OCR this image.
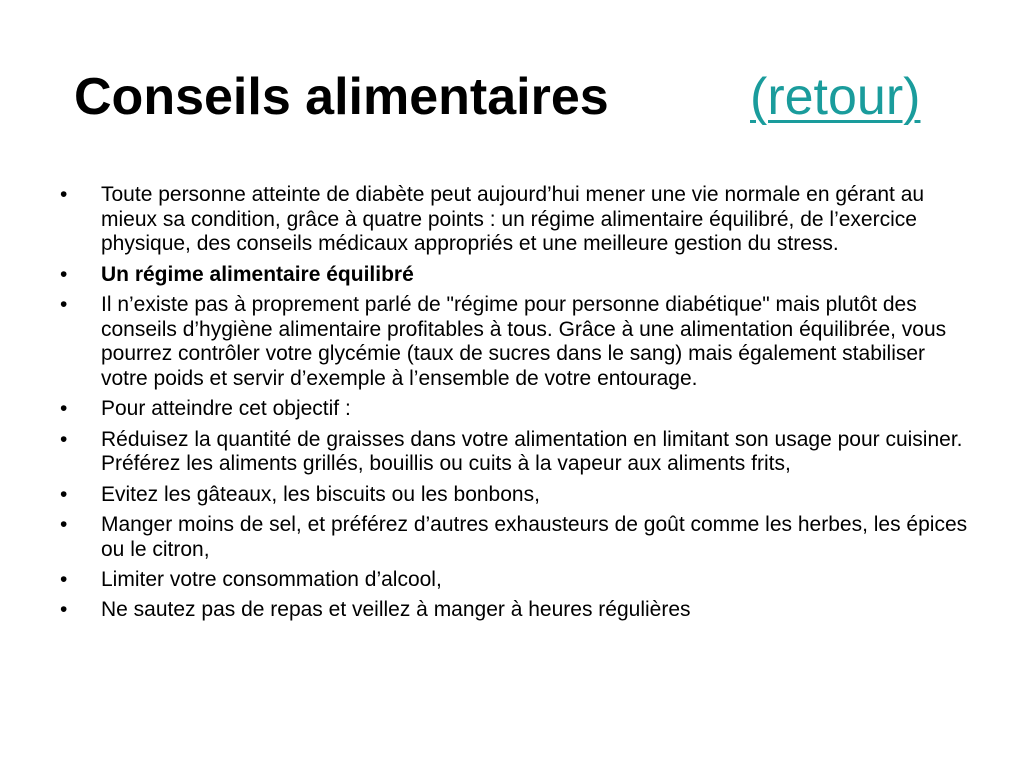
Conseils alimentaires	(retour)
•	Toute personne atteinte de diabète peut aujourd’hui mener une vie normale en gérant au mieux sa condition, grâce à quatre points : un régime alimentaire équilibré, de l’exercice physique, des conseils médicaux appropriés et une meilleure gestion du stress.
•	Un régime alimentaire équilibré
•	Il n’existe pas à proprement parlé de "régime pour personne diabétique" mais plutôt des conseils d’hygiène alimentaire profitables à tous. Grâce à une alimentation équilibrée, vous pourrez contrôler votre glycémie (taux de sucres dans le sang) mais également stabiliser votre poids et servir d’exemple à l’ensemble de votre entourage.
•	Pour atteindre cet objectif :
•	Réduisez la quantité de graisses dans votre alimentation en limitant son usage pour cuisiner. Préférez les aliments grillés, bouillis ou cuits à la vapeur aux aliments frits,
•	Evitez les gâteaux, les biscuits ou les bonbons,
•	Manger moins de sel, et préférez d’autres exhausteurs de goût comme les herbes, les épices ou le citron,
•	Limiter votre consommation d’alcool,
•	Ne sautez pas de repas et veillez à manger à heures régulières
